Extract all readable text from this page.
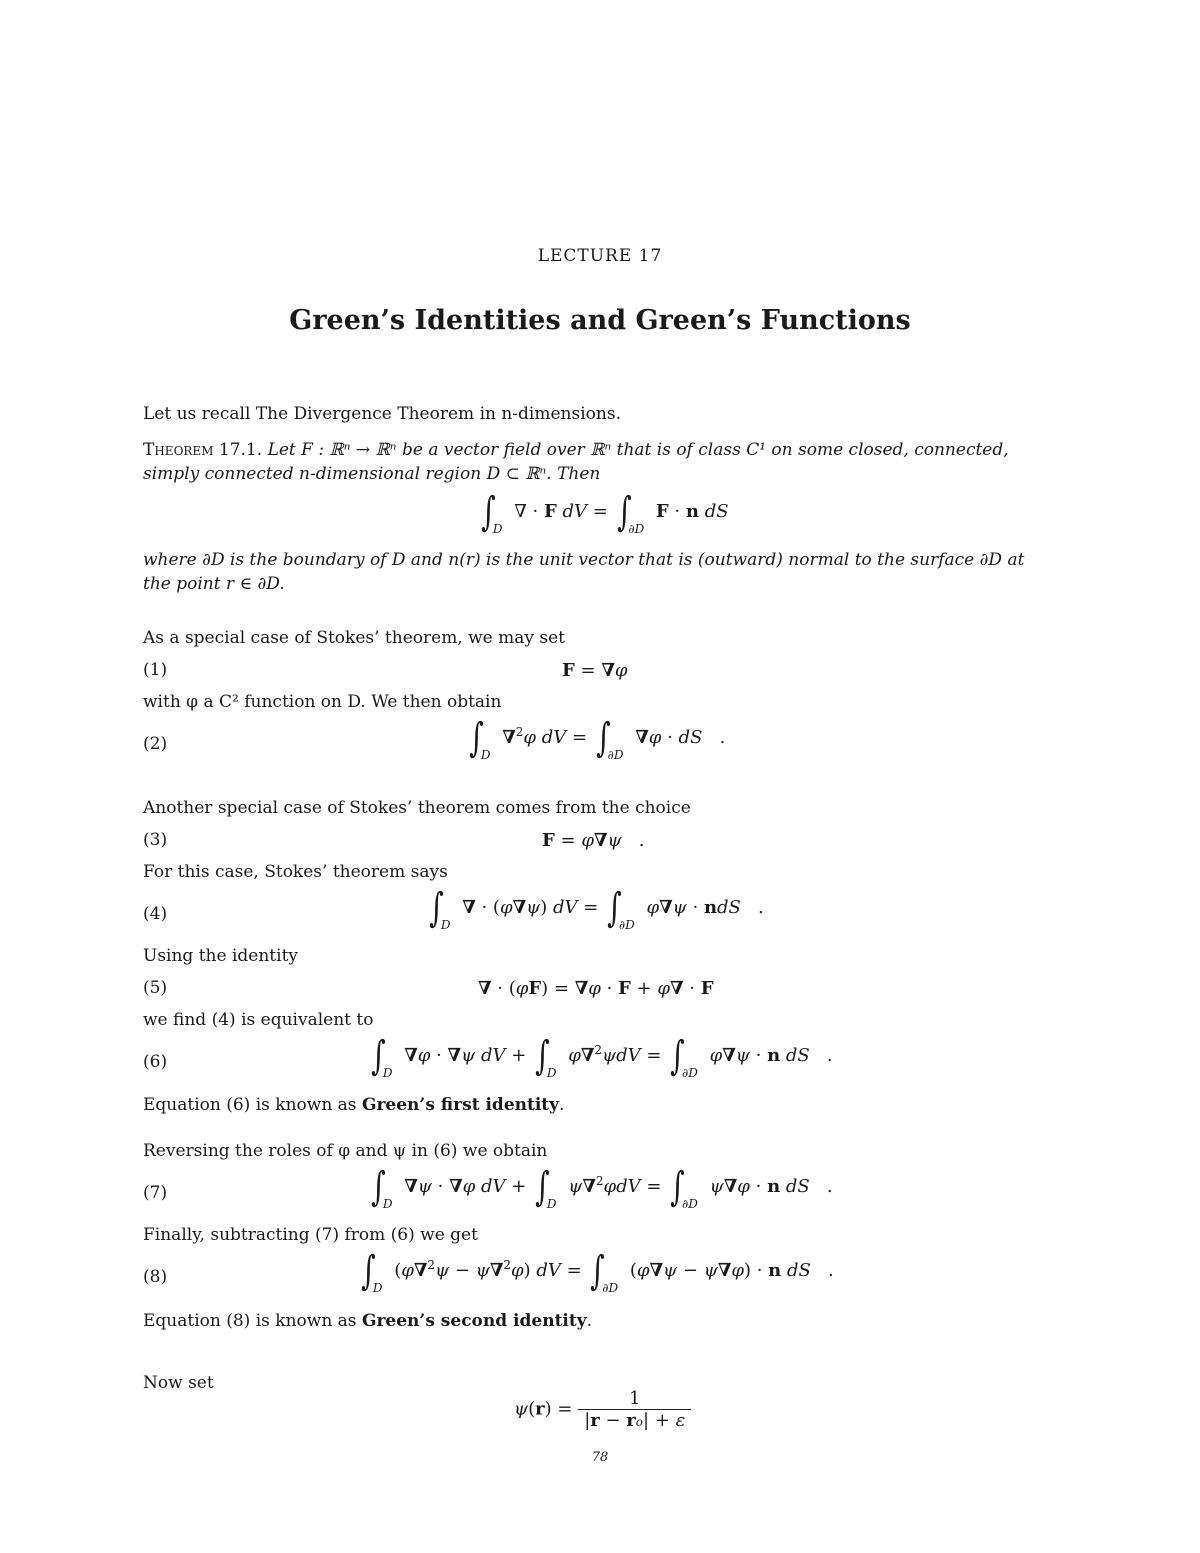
LECTURE 17
Green’s Identities and Green’s Functions
Let us recall The Divergence Theorem in n-dimensions.
Theorem 17.1. Let F : ℝⁿ → ℝⁿ be a vector field over ℝⁿ that is of class C¹ on some closed, connected,
simply connected n-dimensional region D ⊂ ℝⁿ. Then
$\int_D$ ∇ · F dV = $\int_{\partial D}$ F · n dS
where ∂D is the boundary of D and n(r) is the unit vector that is (outward) normal to the surface ∂D at
the point r ∈ ∂D.
As a special case of Stokes’ theorem, we may set
(1)	F = ∇φ
with φ a C² function on D. We then obtain
(2)	$\int_D$ ∇$^2$φ dV = $\int_{\partial D}$ ∇φ · dS   .
Another special case of Stokes’ theorem comes from the choice
(3)	F = φ∇ψ   .
For this case, Stokes’ theorem says
(4)	$\int_D$ ∇ · (φ∇ψ) dV = $\int_{\partial D}$ φ∇ψ · ndS   .
Using the identity
(5)	∇ · (φF) = ∇φ · F + φ∇ · F
we find (4) is equivalent to
(6)	$\int_D$ ∇φ · ∇ψ dV + $\int_D$ $\varphi\nabla^2\psi dV = \int_{\partial D}$ φ∇ψ · n dS   .
Equation (6) is known as Green’s first identity.
Reversing the roles of φ and ψ in (6) we obtain
(7)	$\int_D$ ∇ψ · ∇φ dV + $\int_D$ $\psi\nabla^2\varphi dV = \int_{\partial D}$ ψ∇φ · n dS   .
Finally, subtracting (7) from (6) we get
(8)	$\int_D$ (φ∇$^2$ψ − ψ∇$^2$φ) dV = $\int_{\partial D}$ (φ∇ψ − ψ∇φ) · n dS   .
Equation (8) is known as Green’s second identity.
Now set
$\psi(r) = \frac{1}{|r - ro| + \varepsilon}$
78
